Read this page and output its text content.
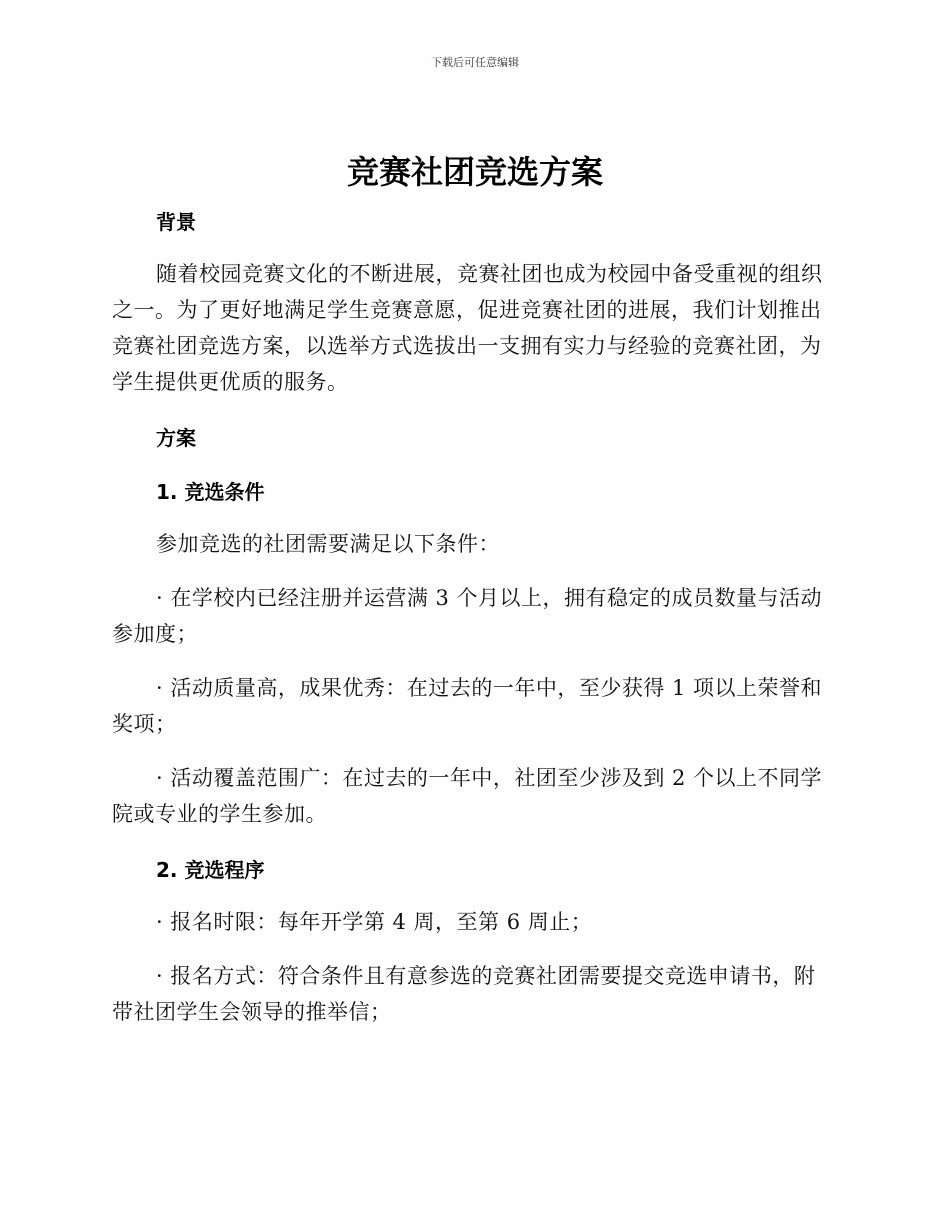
下载后可任意编辑
竞赛社团竞选方案

背景

随着校园竞赛文化的不断进展，竞赛社团也成为校园中备受重视的组织之一。为了更好地满足学生竞赛意愿，促进竞赛社团的进展，我们计划推出竞赛社团竞选方案，以选举方式选拔出一支拥有实力与经验的竞赛社团，为学生提供更优质的服务。

方案

1. 竞选条件

参加竞选的社团需要满足以下条件：

· 在学校内已经注册并运营满 3 个月以上，拥有稳定的成员数量与活动参加度；

· 活动质量高，成果优秀：在过去的一年中，至少获得 1 项以上荣誉和奖项；

· 活动覆盖范围广：在过去的一年中，社团至少涉及到 2 个以上不同学院或专业的学生参加。

2. 竞选程序

· 报名时限：每年开学第 4 周，至第 6 周止；

· 报名方式：符合条件且有意参选的竞赛社团需要提交竞选申请书，附带社团学生会领导的推举信；
